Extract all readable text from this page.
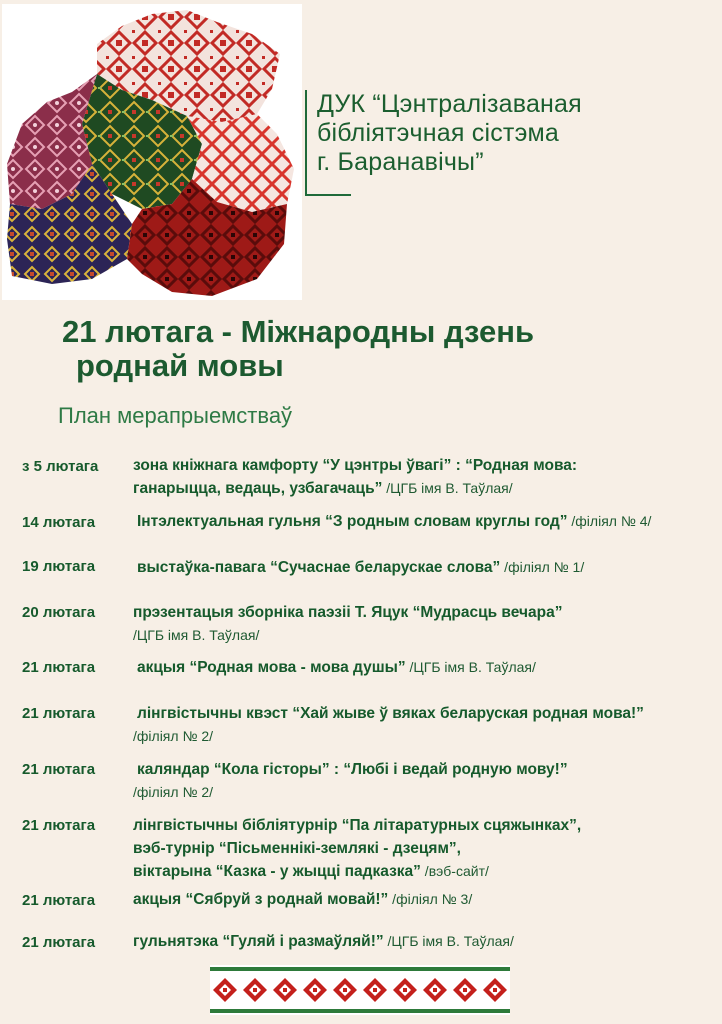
ДУК “Цэнтралізаваная
бібліятэчная сістэма
г. Баранавічы”
21 лютага - Міжнародны дзень
роднай мовы
План мерапрыемстваў
з 5 лютага зона кніжнага камфорту “У цэнтры ўвагі” : “Родная мова:
ганарыцца, ведаць, узбагачаць” /ЦГБ імя В. Таўлая/
14 лютага	Інтэлектуальная гульня “З родным словам круглы год” /філіял № 4/
19 лютага	выстаўка-павага “Сучаснае беларускае слова” /філіял № 1/
20 лютага прэзентацыя зборніка паэзіі Т. Яцук “Мудрасць вечара”
/ЦГБ імя В. Таўлая/
21 лютага	акцыя “Родная мова - мова душы” /ЦГБ імя В. Таўлая/
21 лютага	лінгвістычны квэст “Хай жыве ў вяках беларуская родная мова!”
/філіял № 2/
21 лютага	каляндар “Кола гісторы” : “Любі і ведай родную мову!”
/філіял № 2/
21 лютага лінгвістычны бібліятурнір “Па літаратурных сцяжынках”,
вэб-турнір “Пісьменнікі-землякі - дзецям”,
віктарына “Казка - у жыцці падказка” /вэб-сайт/
21 лютага акцыя “Сябруй з роднай мовай!” /філіял № 3/
21 лютага гульнятэка “Гуляй і размаўляй!” /ЦГБ імя В. Таўлая/
